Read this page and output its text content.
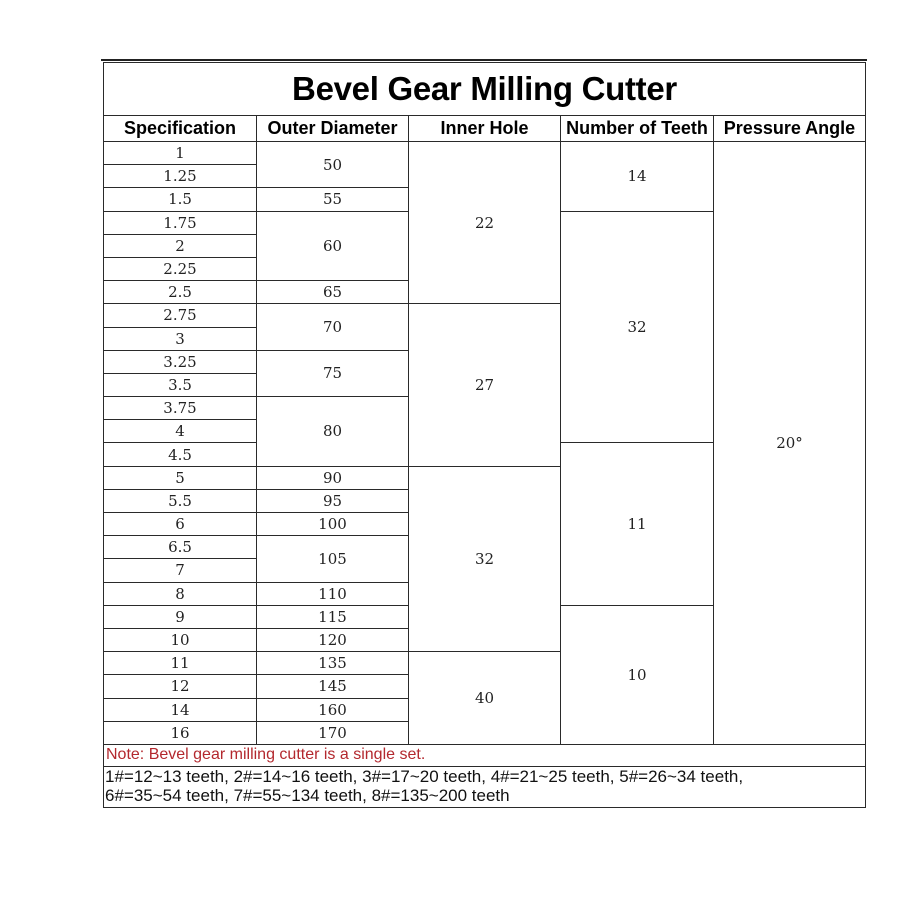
Bevel Gear Milling Cutter				
Specification	Outer Diameter	Inner Hole	Number of Teeth	Pressure Angle
1	50	22	14	20°
1.25				
1.5	55			
1.75	60		32	
2				
2.25				
2.5	65			
2.75	70	27		
3				
3.25	75			
3.5				
3.75	80			
4				
4.5			11	
5	90	32		
5.5	95			
6	100			
6.5	105			
7				
8	110			
9	115		10	
10	120			
11	135	40		
12	145			
14	160			
16	170			
Note: Bevel gear milling cutter is a single set.				

1#=12~13 teeth, 2#=14~16 teeth, 3#=17~20 teeth, 4#=21~25 teeth, 5#=26~34 teeth,
6#=35~54 teeth, 7#=55~134 teeth, 8#=135~200 teeth				
